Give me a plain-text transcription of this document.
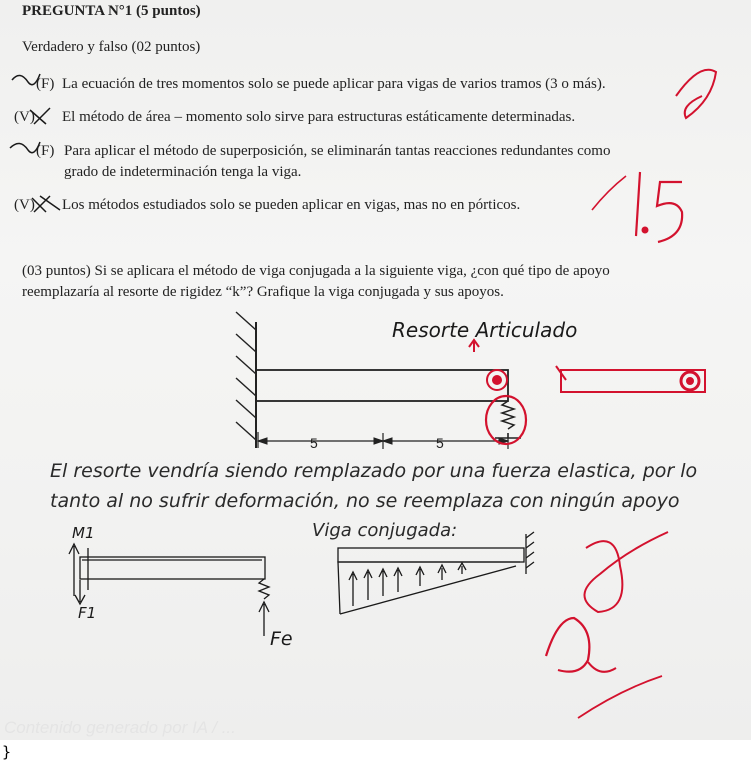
PREGUNTA N°1 (5 puntos)
Verdadero y falso (02 puntos)
(F) La ecuación de tres momentos solo se puede aplicar para vigas de varios tramos (3 o más).
(V) El método de área – momento solo sirve para estructuras estáticamente determinadas.
(F) Para aplicar el método de superposición, se eliminarán tantas reacciones redundantes como
grado de indeterminación tenga la viga.
(V) Los métodos estudiados solo se pueden aplicar en vigas, mas no en pórticos.
(03 puntos) Si se aplicara el método de viga conjugada a la siguiente viga, ¿con qué tipo de apoyo
reemplazaría al resorte de rigidez “k”? Grafique la viga conjugada y sus apoyos.
5	5
Resorte Articulado
El resorte vendría siendo remplazado por una fuerza elastica, por lo
tanto al no sufrir deformación, no se reemplaza con ningún apoyo
Viga conjugada:
M1
F1
Fe
Contenido generado por IA / ...
}
